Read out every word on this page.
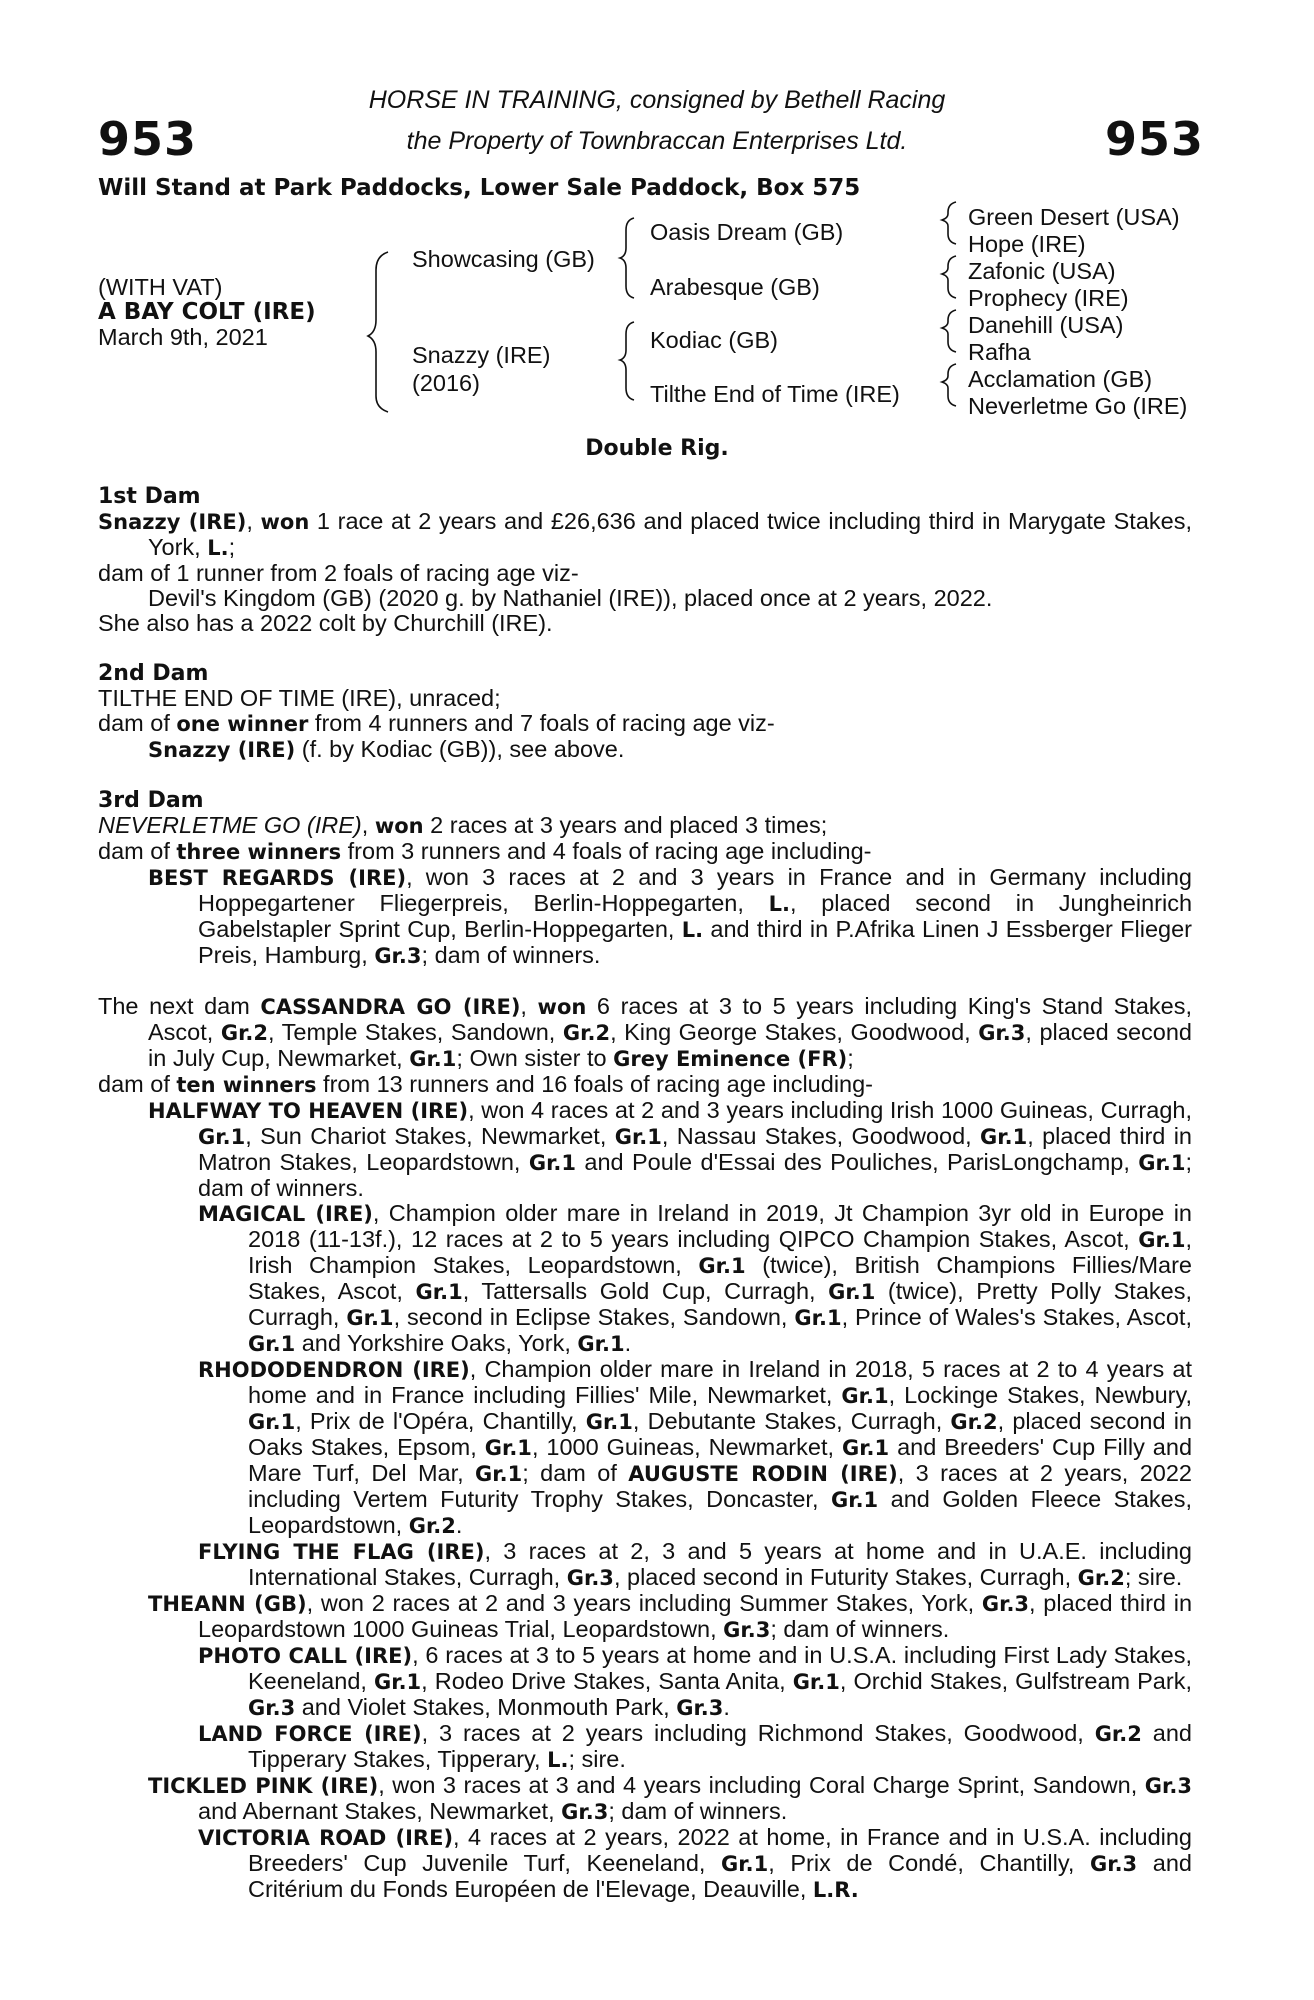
953	953
HORSE IN TRAINING, consigned by Bethell Racing
the Property of Townbraccan Enterprises Ltd.
Will Stand at Park Paddocks, Lower Sale Paddock, Box 575
(WITH VAT)
A BAY COLT (IRE)
March 9th, 2021
Showcasing (GB)
Snazzy (IRE)
(2016)
Oasis Dream (GB)
Arabesque (GB)
Kodiac (GB)
Tilthe End of Time (IRE)
Green Desert (USA)
Hope (IRE)
Zafonic (USA)
Prophecy (IRE)
Danehill (USA)
Rafha
Acclamation (GB)
Neverletme Go (IRE)
Double Rig.
1st Dam

Snazzy (IRE), won 1 race at 2 years and £26,636 and placed twice including third in Marygate Stakes, York, L.;

dam of 1 runner from 2 foals of racing age viz-

Devil's Kingdom (GB) (2020 g. by Nathaniel (IRE)), placed once at 2 years, 2022.

She also has a 2022 colt by Churchill (IRE).

2nd Dam

TILTHE END OF TIME (IRE), unraced;

dam of one winner from 4 runners and 7 foals of racing age viz-

Snazzy (IRE) (f. by Kodiac (GB)), see above.

3rd Dam

NEVERLETME GO (IRE), won 2 races at 3 years and placed 3 times;

dam of three winners from 3 runners and 4 foals of racing age including-

BEST REGARDS (IRE), won 3 races at 2 and 3 years in France and in Germany including Hoppegartener Fliegerpreis, Berlin-Hoppegarten, L., placed second in Jungheinrich Gabelstapler Sprint Cup, Berlin-Hoppegarten, L. and third in P.Afrika Linen J Essberger Flieger Preis, Hamburg, Gr.3; dam of winners.

The next dam CASSANDRA GO (IRE), won 6 races at 3 to 5 years including King's Stand Stakes, Ascot, Gr.2, Temple Stakes, Sandown, Gr.2, King George Stakes, Goodwood, Gr.3, placed second in July Cup, Newmarket, Gr.1; Own sister to Grey Eminence (FR);

dam of ten winners from 13 runners and 16 foals of racing age including-

HALFWAY TO HEAVEN (IRE), won 4 races at 2 and 3 years including Irish 1000 Guineas, Curragh, Gr.1, Sun Chariot Stakes, Newmarket, Gr.1, Nassau Stakes, Goodwood, Gr.1, placed third in Matron Stakes, Leopardstown, Gr.1 and Poule d'Essai des Pouliches, ParisLongchamp, Gr.1; dam of winners.

MAGICAL (IRE), Champion older mare in Ireland in 2019, Jt Champion 3yr old in Europe in 2018 (11-13f.), 12 races at 2 to 5 years including QIPCO Champion Stakes, Ascot, Gr.1, Irish Champion Stakes, Leopardstown, Gr.1 (twice), British Champions Fillies/Mare Stakes, Ascot, Gr.1, Tattersalls Gold Cup, Curragh, Gr.1 (twice), Pretty Polly Stakes, Curragh, Gr.1, second in Eclipse Stakes, Sandown, Gr.1, Prince of Wales's Stakes, Ascot, Gr.1 and Yorkshire Oaks, York, Gr.1.

RHODODENDRON (IRE), Champion older mare in Ireland in 2018, 5 races at 2 to 4 years at home and in France including Fillies' Mile, Newmarket, Gr.1, Lockinge Stakes, Newbury, Gr.1, Prix de l'Opéra, Chantilly, Gr.1, Debutante Stakes, Curragh, Gr.2, placed second in Oaks Stakes, Epsom, Gr.1, 1000 Guineas, Newmarket, Gr.1 and Breeders' Cup Filly and Mare Turf, Del Mar, Gr.1; dam of AUGUSTE RODIN (IRE), 3 races at 2 years, 2022 including Vertem Futurity Trophy Stakes, Doncaster, Gr.1 and Golden Fleece Stakes, Leopardstown, Gr.2.

FLYING THE FLAG (IRE), 3 races at 2, 3 and 5 years at home and in U.A.E. including International Stakes, Curragh, Gr.3, placed second in Futurity Stakes, Curragh, Gr.2; sire.

THEANN (GB), won 2 races at 2 and 3 years including Summer Stakes, York, Gr.3, placed third in Leopardstown 1000 Guineas Trial, Leopardstown, Gr.3; dam of winners.

PHOTO CALL (IRE), 6 races at 3 to 5 years at home and in U.S.A. including First Lady Stakes, Keeneland, Gr.1, Rodeo Drive Stakes, Santa Anita, Gr.1, Orchid Stakes, Gulfstream Park, Gr.3 and Violet Stakes, Monmouth Park, Gr.3.

LAND FORCE (IRE), 3 races at 2 years including Richmond Stakes, Goodwood, Gr.2 and Tipperary Stakes, Tipperary, L.; sire.

TICKLED PINK (IRE), won 3 races at 3 and 4 years including Coral Charge Sprint, Sandown, Gr.3 and Abernant Stakes, Newmarket, Gr.3; dam of winners.

VICTORIA ROAD (IRE), 4 races at 2 years, 2022 at home, in France and in U.S.A. including Breeders' Cup Juvenile Turf, Keeneland, Gr.1, Prix de Condé, Chantilly, Gr.3 and Critérium du Fonds Européen de l'Elevage, Deauville, L.R.
